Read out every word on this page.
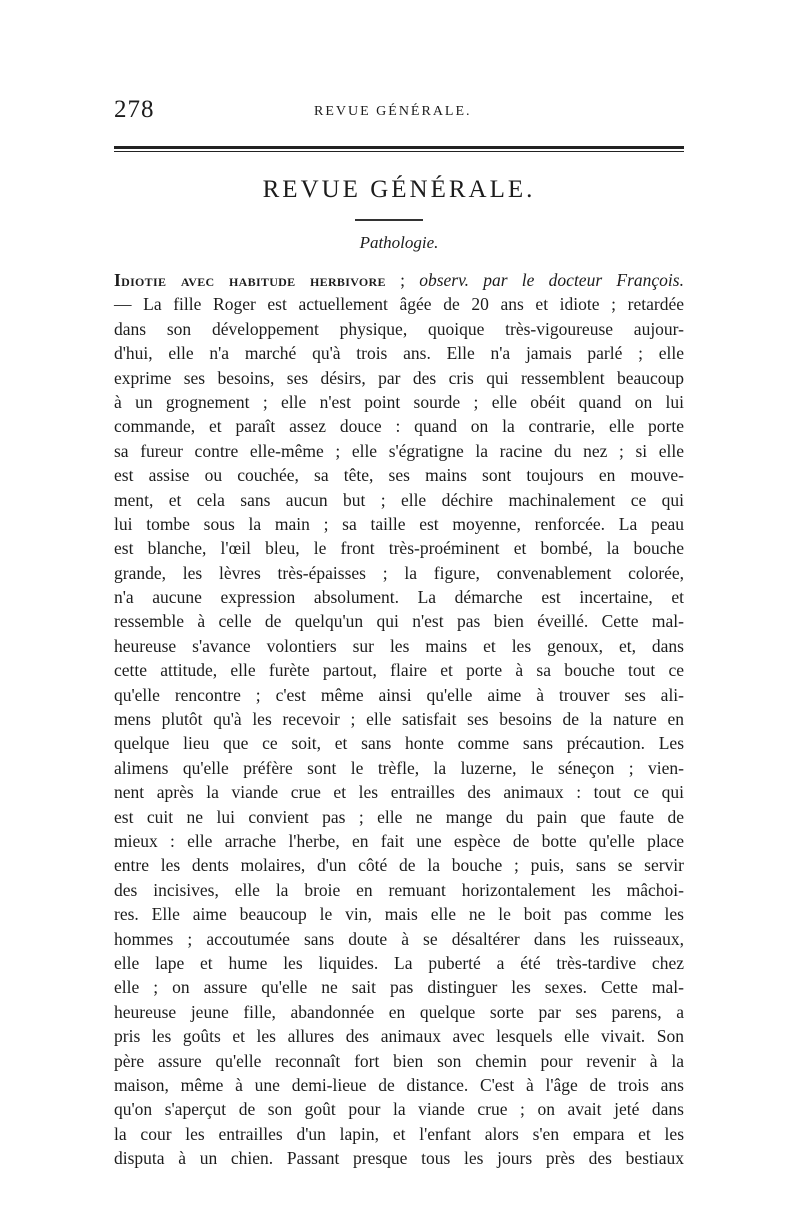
278	REVUE GÉNÉRALE.
REVUE GÉNÉRALE.
Pathologie.
Idiotie avec habitude herbivore ; observ. par le docteur François.
— La fille Roger est actuellement âgée de 20 ans et idiote ; retardée
dans son développement physique, quoique très-vigoureuse aujour-
d'hui, elle n'a marché qu'à trois ans. Elle n'a jamais parlé ; elle
exprime ses besoins, ses désirs, par des cris qui ressemblent beaucoup
à un grognement ; elle n'est point sourde ; elle obéit quand on lui
commande, et paraît assez douce : quand on la contrarie, elle porte
sa fureur contre elle-même ; elle s'égratigne la racine du nez ; si elle
est assise ou couchée, sa tête, ses mains sont toujours en mouve-
ment, et cela sans aucun but ; elle déchire machinalement ce qui
lui tombe sous la main ; sa taille est moyenne, renforcée. La peau
est blanche, l'œil bleu, le front très-proéminent et bombé, la bouche
grande, les lèvres très-épaisses ; la figure, convenablement colorée,
n'a aucune expression absolument. La démarche est incertaine, et
ressemble à celle de quelqu'un qui n'est pas bien éveillé. Cette mal-
heureuse s'avance volontiers sur les mains et les genoux, et, dans
cette attitude, elle furète partout, flaire et porte à sa bouche tout ce
qu'elle rencontre ; c'est même ainsi qu'elle aime à trouver ses ali-
mens plutôt qu'à les recevoir ; elle satisfait ses besoins de la nature en
quelque lieu que ce soit, et sans honte comme sans précaution. Les
alimens qu'elle préfère sont le trèfle, la luzerne, le séneçon ; vien-
nent après la viande crue et les entrailles des animaux : tout ce qui
est cuit ne lui convient pas ; elle ne mange du pain que faute de
mieux : elle arrache l'herbe, en fait une espèce de botte qu'elle place
entre les dents molaires, d'un côté de la bouche ; puis, sans se servir
des incisives, elle la broie en remuant horizontalement les mâchoi-
res. Elle aime beaucoup le vin, mais elle ne le boit pas comme les
hommes ; accoutumée sans doute à se désaltérer dans les ruisseaux,
elle lape et hume les liquides. La puberté a été très-tardive chez
elle ; on assure qu'elle ne sait pas distinguer les sexes. Cette mal-
heureuse jeune fille, abandonnée en quelque sorte par ses parens, a
pris les goûts et les allures des animaux avec lesquels elle vivait. Son
père assure qu'elle reconnaît fort bien son chemin pour revenir à la
maison, même à une demi-lieue de distance. C'est à l'âge de trois ans
qu'on s'aperçut de son goût pour la viande crue ; on avait jeté dans
la cour les entrailles d'un lapin, et l'enfant alors s'en empara et les
disputa à un chien. Passant presque tous les jours près des bestiaux
